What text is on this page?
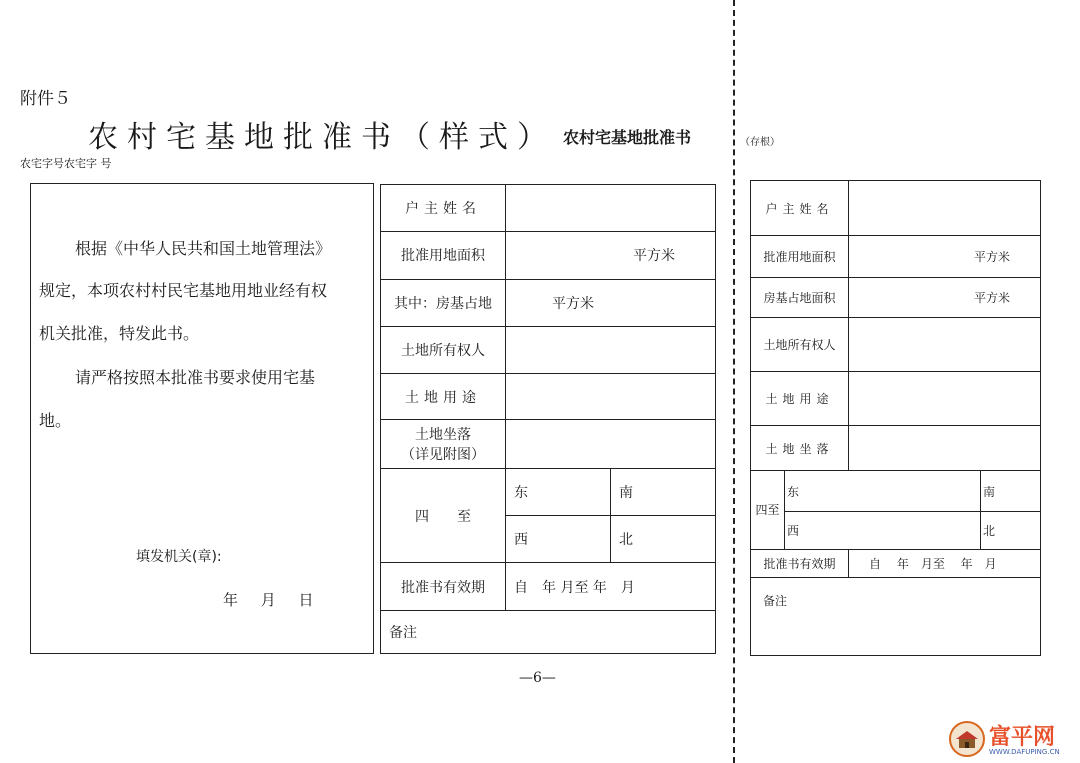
附件５
农村宅基地批准书（样式） 农村宅基地批准书	（存根）
农宅字号农宅字 号
根据《中华人民共和国土地管理法》
规定，本项农村村民宅基地用地业经有权
机关批准，特发此书。
请严格按照本批准书要求使用宅基
地。
填发机关(章):
年　 月　 日
户主姓名		
批准用地面积	平方米	
其中：房基占地	平方米	
土地所有权人		
土地用途		

土地坐落
（详见附图）		

四　　至	东	南
	西	北
批准书有效期	自　年 月至 年　月	
备注		
户主姓名			
批准用地面积		平方米	
房基占地面积		平方米	
土地所有权人			
土地用途			
土地坐落			
四至	东		南
	西		北
批准书有效期		自　 年　月至　 年　月	
备注			
—6—
富平网
WWW.DAFUPING.CN
